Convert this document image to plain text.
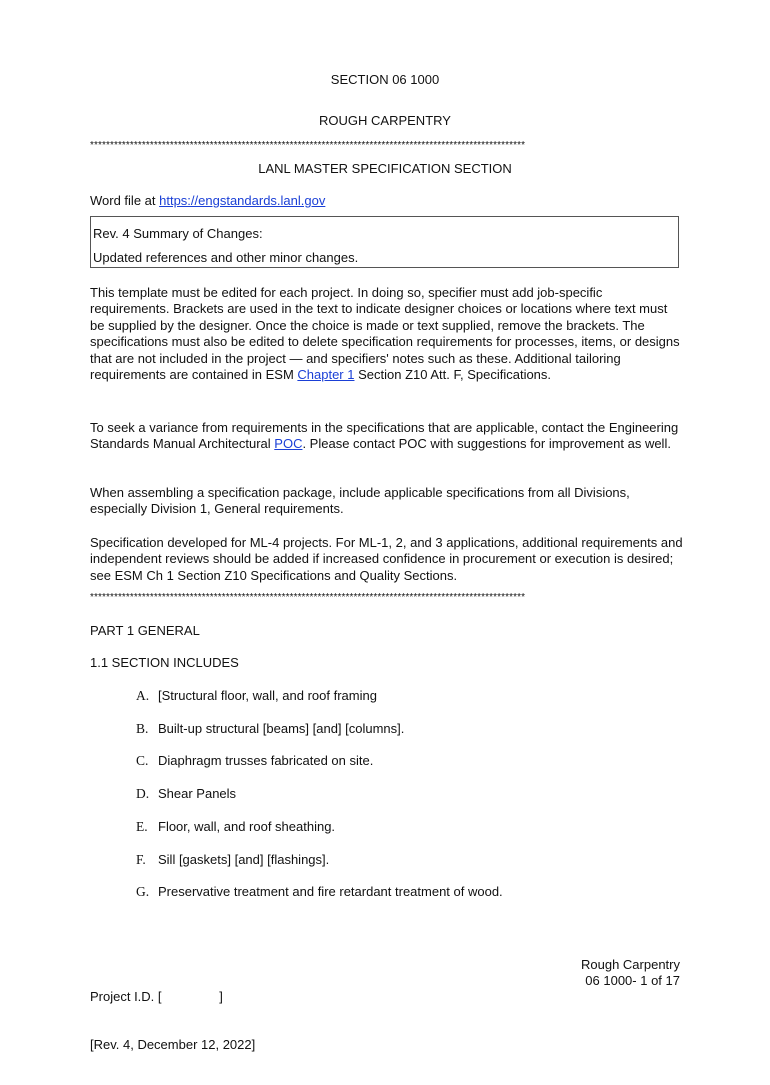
SECTION 06 1000
ROUGH CARPENTRY
*************************************************************************************************************
LANL MASTER SPECIFICATION SECTION
Word file at https://engstandards.lanl.gov
Rev. 4 Summary of Changes:
Updated references and other minor changes.
This template must be edited for each project. In doing so, specifier must add job-specific requirements. Brackets are used in the text to indicate designer choices or locations where text must be supplied by the designer. Once the choice is made or text supplied, remove the brackets. The specifications must also be edited to delete specification requirements for processes, items, or designs that are not included in the project — and specifiers' notes such as these. Additional tailoring requirements are contained in ESM Chapter 1 Section Z10 Att. F, Specifications.
To seek a variance from requirements in the specifications that are applicable, contact the Engineering Standards Manual Architectural POC. Please contact POC with suggestions for improvement as well.
When assembling a specification package, include applicable specifications from all Divisions, especially Division 1, General requirements.
Specification developed for ML-4 projects. For ML-1, 2, and 3 applications, additional requirements and independent reviews should be added if increased confidence in procurement or execution is desired; see ESM Ch 1 Section Z10 Specifications and Quality Sections.
*************************************************************************************************************
PART 1 GENERAL
1.1 SECTION INCLUDES
A. [Structural floor, wall, and roof framing
B. Built-up structural [beams] [and] [columns].
C. Diaphragm trusses fabricated on site.
D. Shear Panels
E. Floor, wall, and roof sheathing.
F. Sill [gaskets] [and] [flashings].
G. Preservative treatment and fire retardant treatment of wood.

Project I.D. [                ]

[Rev. 4, December 12, 2022]

Rough Carpentry
06 1000- 1 of 17
